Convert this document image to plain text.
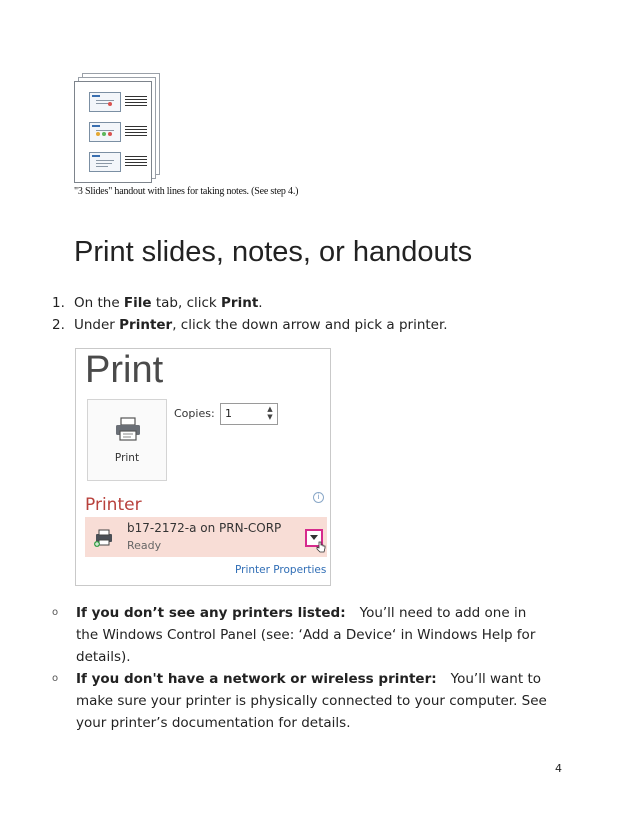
"3 Slides" handout with lines for taking notes. (See step 4.)
Print slides, notes, or handouts
1. On the File tab, click Print.
2. Under Printer, click the down arrow and pick a printer.
Print
Print
Copies: 1	▲
▼
Printer	i
b17-2172-a on PRN-CORP
Ready
Printer Properties
o If you don’t see any printers listed: You’ll need to add one in the Windows Control Panel (see: ‘Add a Device‘ in Windows Help for details).
o If you don't have a network or wireless printer: You’ll want to make sure your printer is physically connected to your computer. See your printer’s documentation for details.
4
